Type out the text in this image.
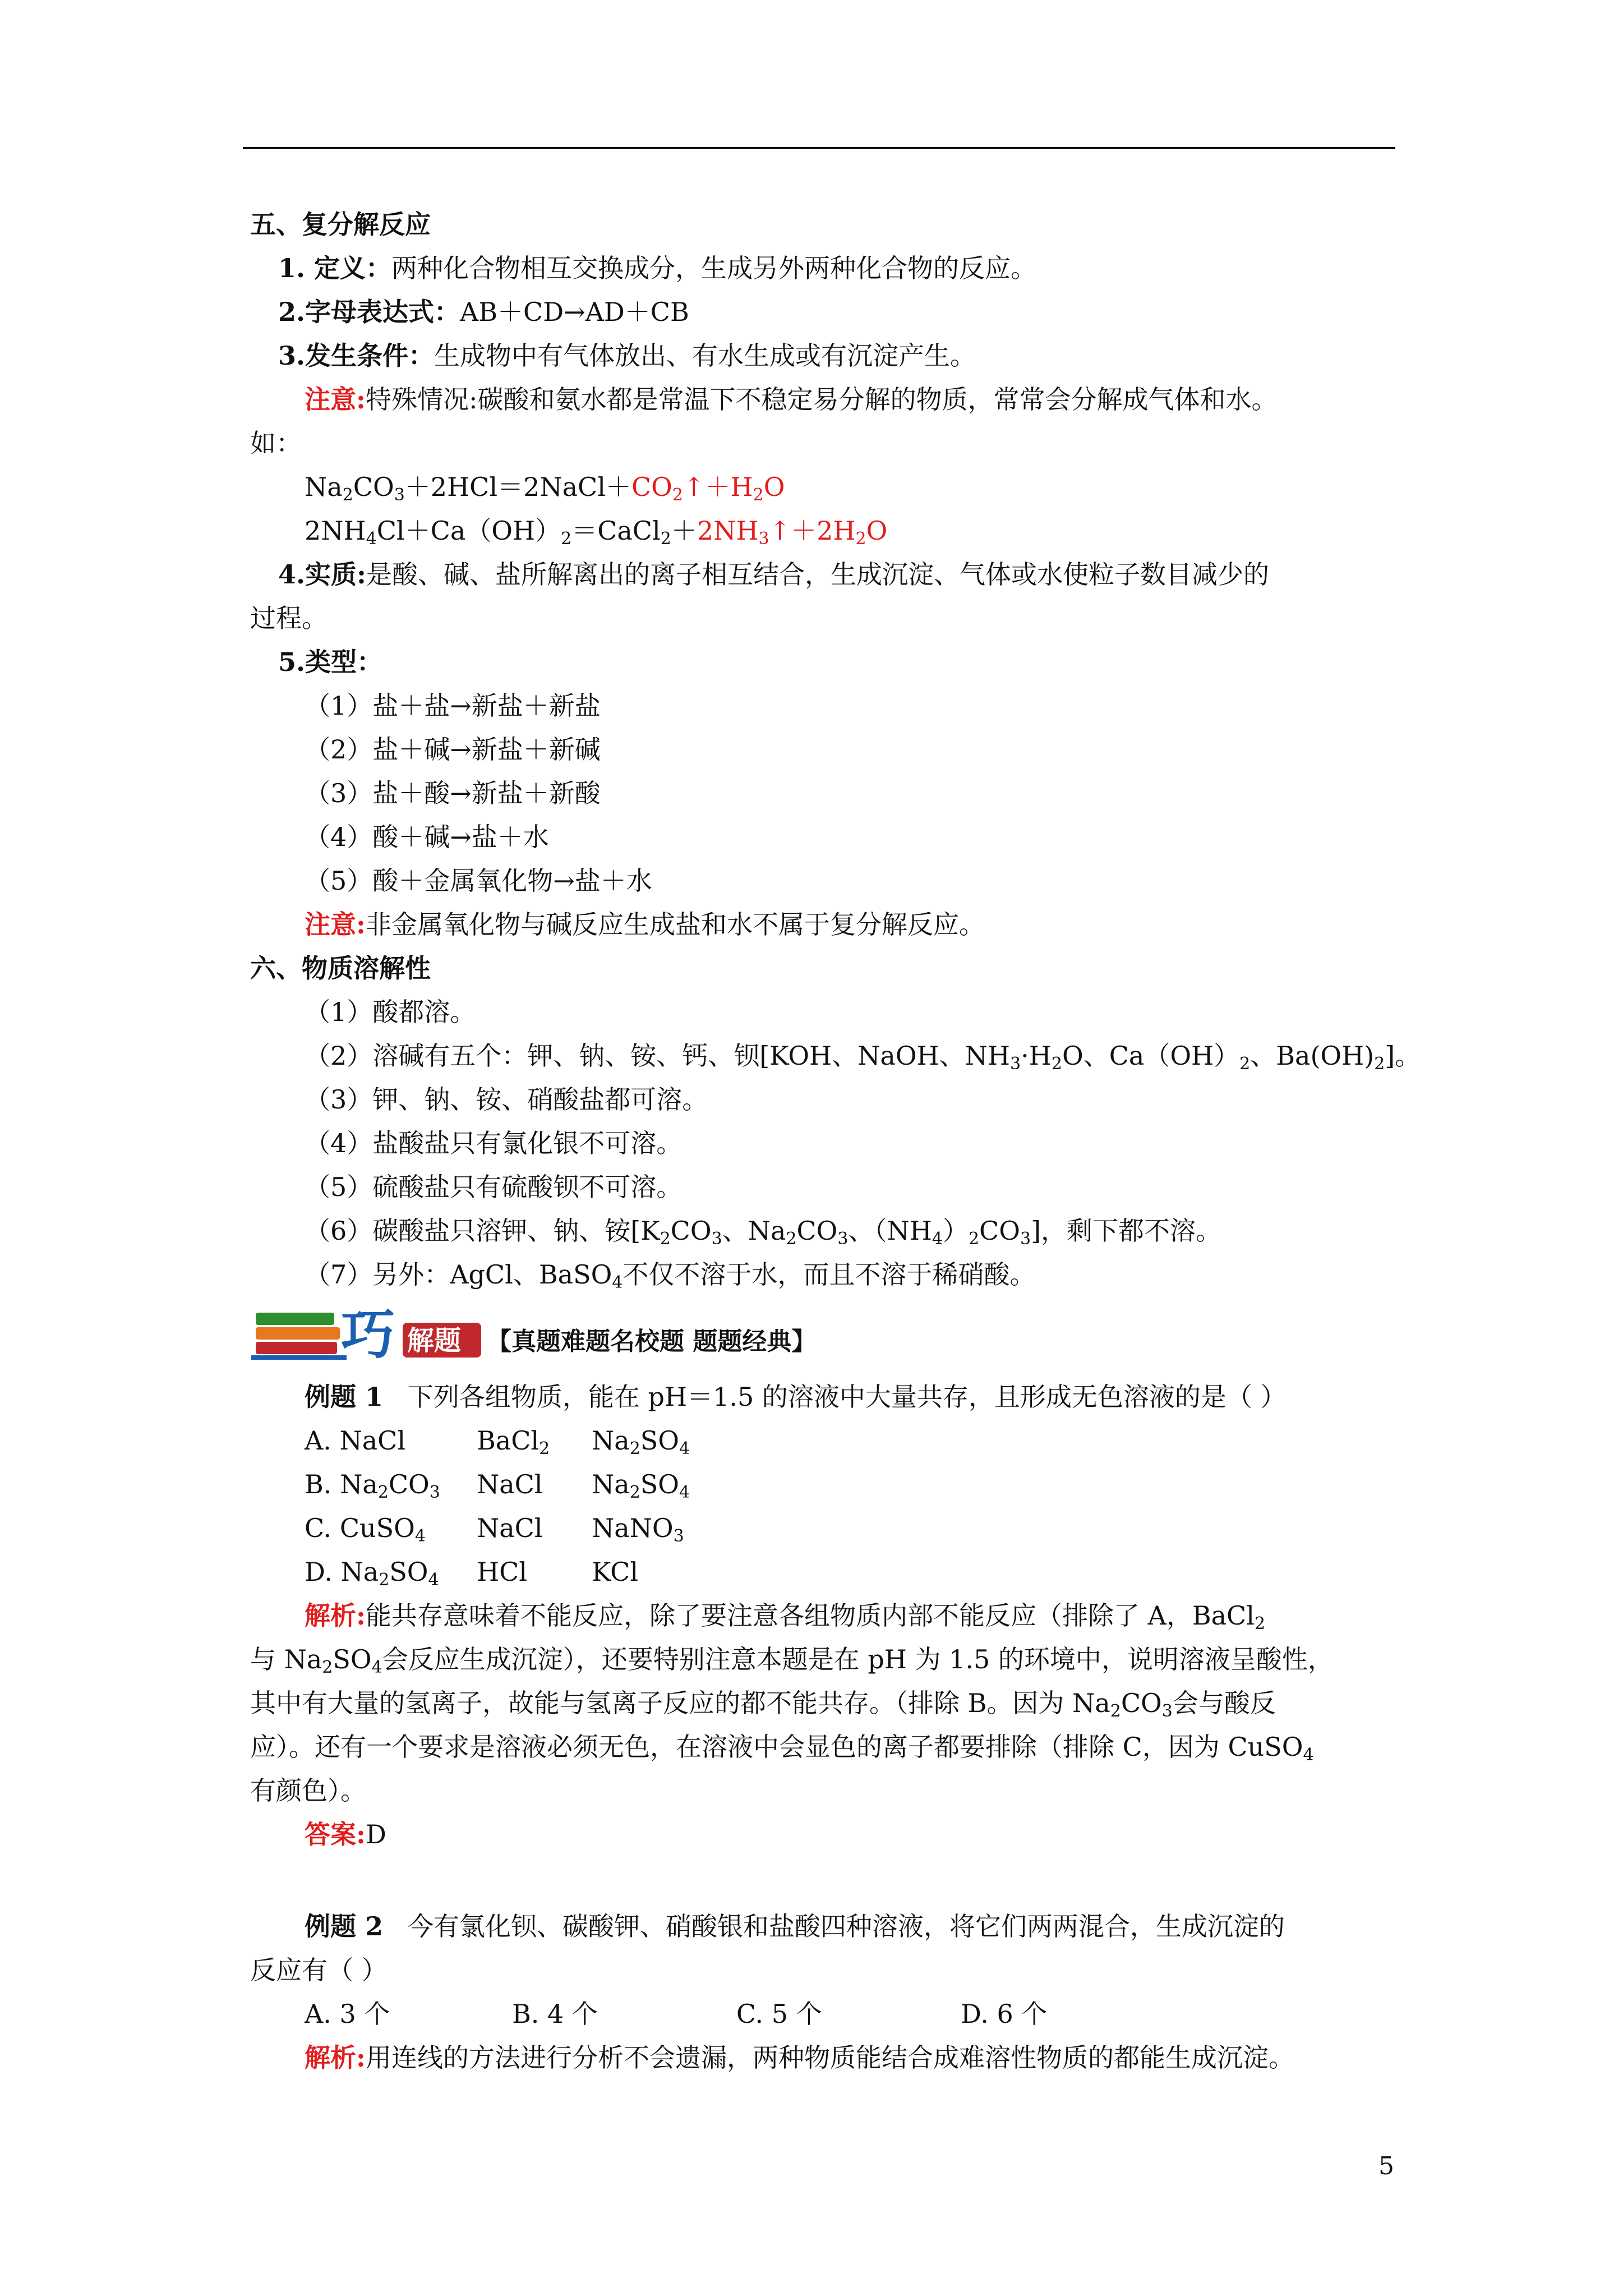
五、复分解反应
1. 定义：两种化合物相互交换成分，生成另外两种化合物的反应。
2.字母表达式：AB＋CD→AD＋CB
3.发生条件：生成物中有气体放出、有水生成或有沉淀产生。
注意:特殊情况:碳酸和氨水都是常温下不稳定易分解的物质，常常会分解成气体和水。
如：
$Na_2CO_3+2HCl=2NaCl+CO_2↑+H_2O$
$2NH_4Cl+Ca(OH)_2=CaCl_2+2NH_3↑+2H_2O$
4.实质:是酸、碱、盐所解离出的离子相互结合，生成沉淀、气体或水使粒子数目减少的
过程。
5.类型：
（1）盐＋盐→新盐＋新盐
（2）盐＋碱→新盐＋新碱
（3）盐＋酸→新盐＋新酸
（4）酸＋碱→盐＋水
（5）酸＋金属氧化物→盐＋水
注意:非金属氧化物与碱反应生成盐和水不属于复分解反应。
六、物质溶解性
（1）酸都溶。
（2）溶碱有五个：钾、钠、铵、钙、钡[KOH、NaOH、$NH_3\cdot H_2O$、$Ca(OH)_2$、$Ba(OH)_2$]。
（3）钾、钠、铵、硝酸盐都可溶。
（4）盐酸盐只有氯化银不可溶。
（5）硫酸盐只有硫酸钡不可溶。
（6）碳酸盐只溶钾、钠、铵[$K_2CO_3$、$Na_2CO_3$、$(NH_4)_2CO_3$]，剩下都不溶。
（7）另外：AgCl、BaSO$_4$不仅不溶于水，而且不溶于稀硝酸。
巧 解题 【真题难题名校题 题题经典】
例题 1 下列各组物质，能在 pH＝1.5 的溶液中大量共存，且形成无色溶液的是（ ）
A. NaCl	BaCl$_2$ $Na_2SO_4$
B. $Na_2CO_3$ NaCl $Na_2SO_4$
C. CuSO$_4$ NaCl NaNO$_3$
D. $Na_2SO_4$ HCl KCl
解析:能共存意味着不能反应，除了要注意各组物质内部不能反应（排除了 A，BaCl$_2$
与 $Na_2SO_4$会反应生成沉淀），还要特别注意本题是在 pH 为 1.5 的环境中，说明溶液呈酸性，
其中有大量的氢离子，故能与氢离子反应的都不能共存。（排除 B。因为 $Na_2CO_3$会与酸反
应）。还有一个要求是溶液必须无色，在溶液中会显色的离子都要排除（排除 C，因为 CuSO$_4$
有颜色）。
答案:D
例题 2 今有氯化钡、碳酸钾、硝酸银和盐酸四种溶液，将它们两两混合，生成沉淀的
反应有（ ）
A. 3 个	B. 4 个	C. 5 个	D. 6 个
解析:用连线的方法进行分析不会遗漏，两种物质能结合成难溶性物质的都能生成沉淀。
5
